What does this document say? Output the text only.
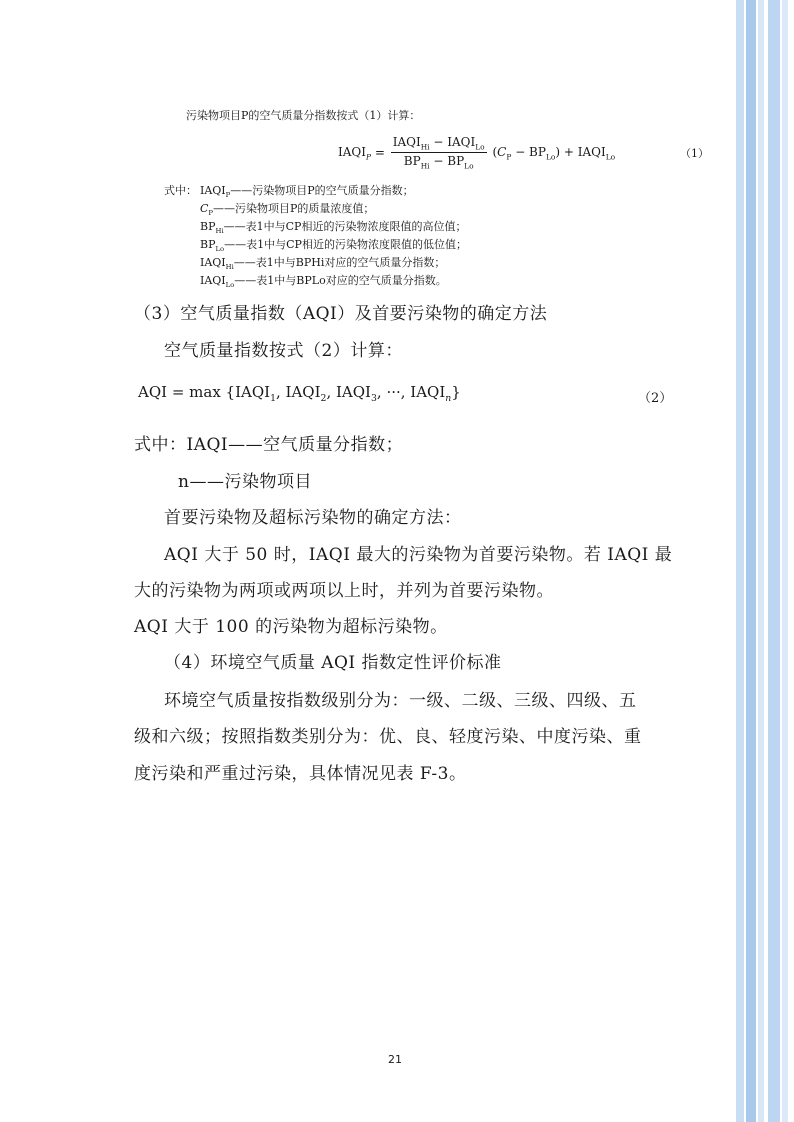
污染物项目P的空气质量分指数按式（1）计算：
$IAQI_P = \frac{IAQI_{Hi} - IAQI_{Lo}}{BP_{Hi} - BP_{Lo}} (C_P - BP_{Lo})$ + $IAQI_{Lo}$	（1）
式中： $IAQI_P——$污染物项目P的空气质量分指数；
$C_P——$污染物项目P的质量浓度值；
$BP_{Hi}——$表1中与CP相近的污染物浓度限值的高位值；
$BP_{Lo}——$表1中与CP相近的污染物浓度限值的低位值；
$IAQI_{Hi}——$表1中与BPHi对应的空气质量分指数；
$IAQI_{Lo}——$表1中与BPLo对应的空气质量分指数。
（3）空气质量指数（AQI）及首要污染物的确定方法
空气质量指数按式（2）计算：
AQI = $\max \{IAQI_1$, $IAQI_2$, $IAQI_3$, ···, $IAQI_n$}	（2）
式中：IAQI——空气质量分指数；
n——污染物项目
首要污染物及超标污染物的确定方法：
AQI 大于 50 时，IAQI 最大的污染物为首要污染物。若 IAQI 最
大的污染物为两项或两项以上时，并列为首要污染物。
AQI 大于 100 的污染物为超标污染物。
（4）环境空气质量 AQI 指数定性评价标准
环境空气质量按指数级别分为：一级、二级、三级、四级、五
级和六级；按照指数类别分为：优、良、轻度污染、中度污染、重
度污染和严重过污染，具体情况见表 F-3。
21
